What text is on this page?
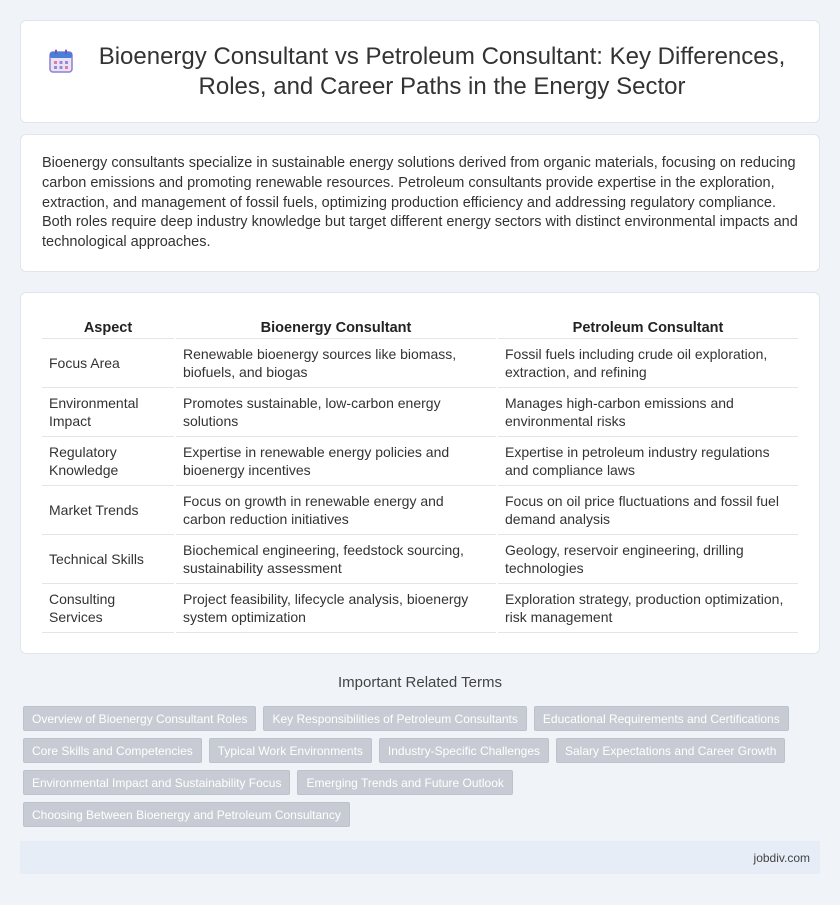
Bioenergy Consultant vs Petroleum Consultant: Key Differences, Roles, and Career Paths in the Energy Sector

Bioenergy consultants specialize in sustainable energy solutions derived from organic materials, focusing on reducing carbon emissions and promoting renewable resources. Petroleum consultants provide expertise in the exploration, extraction, and management of fossil fuels, optimizing production efficiency and addressing regulatory compliance. Both roles require deep industry knowledge but target different energy sectors with distinct environmental impacts and technological approaches.

Aspect	Bioenergy Consultant	Petroleum Consultant
Focus Area	Renewable bioenergy sources like biomass, biofuels, and biogas	Fossil fuels including crude oil exploration, extraction, and refining
Environmental Impact	Promotes sustainable, low-carbon energy solutions	Manages high-carbon emissions and environmental risks
Regulatory Knowledge	Expertise in renewable energy policies and bioenergy incentives	Expertise in petroleum industry regulations and compliance laws
Market Trends	Focus on growth in renewable energy and carbon reduction initiatives	Focus on oil price fluctuations and fossil fuel demand analysis
Technical Skills	Biochemical engineering, feedstock sourcing, sustainability assessment	Geology, reservoir engineering, drilling technologies
Consulting Services	Project feasibility, lifecycle analysis, bioenergy system optimization	Exploration strategy, production optimization, risk management
Important Related Terms
Overview of Bioenergy Consultant Roles	Key Responsibilities of Petroleum Consultants	Educational Requirements and Certifications
Core Skills and Competencies	Typical Work Environments	Industry-Specific Challenges	Salary Expectations and Career Growth
Environmental Impact and Sustainability Focus	Emerging Trends and Future Outlook
Choosing Between Bioenergy and Petroleum Consultancy
jobdiv.com
